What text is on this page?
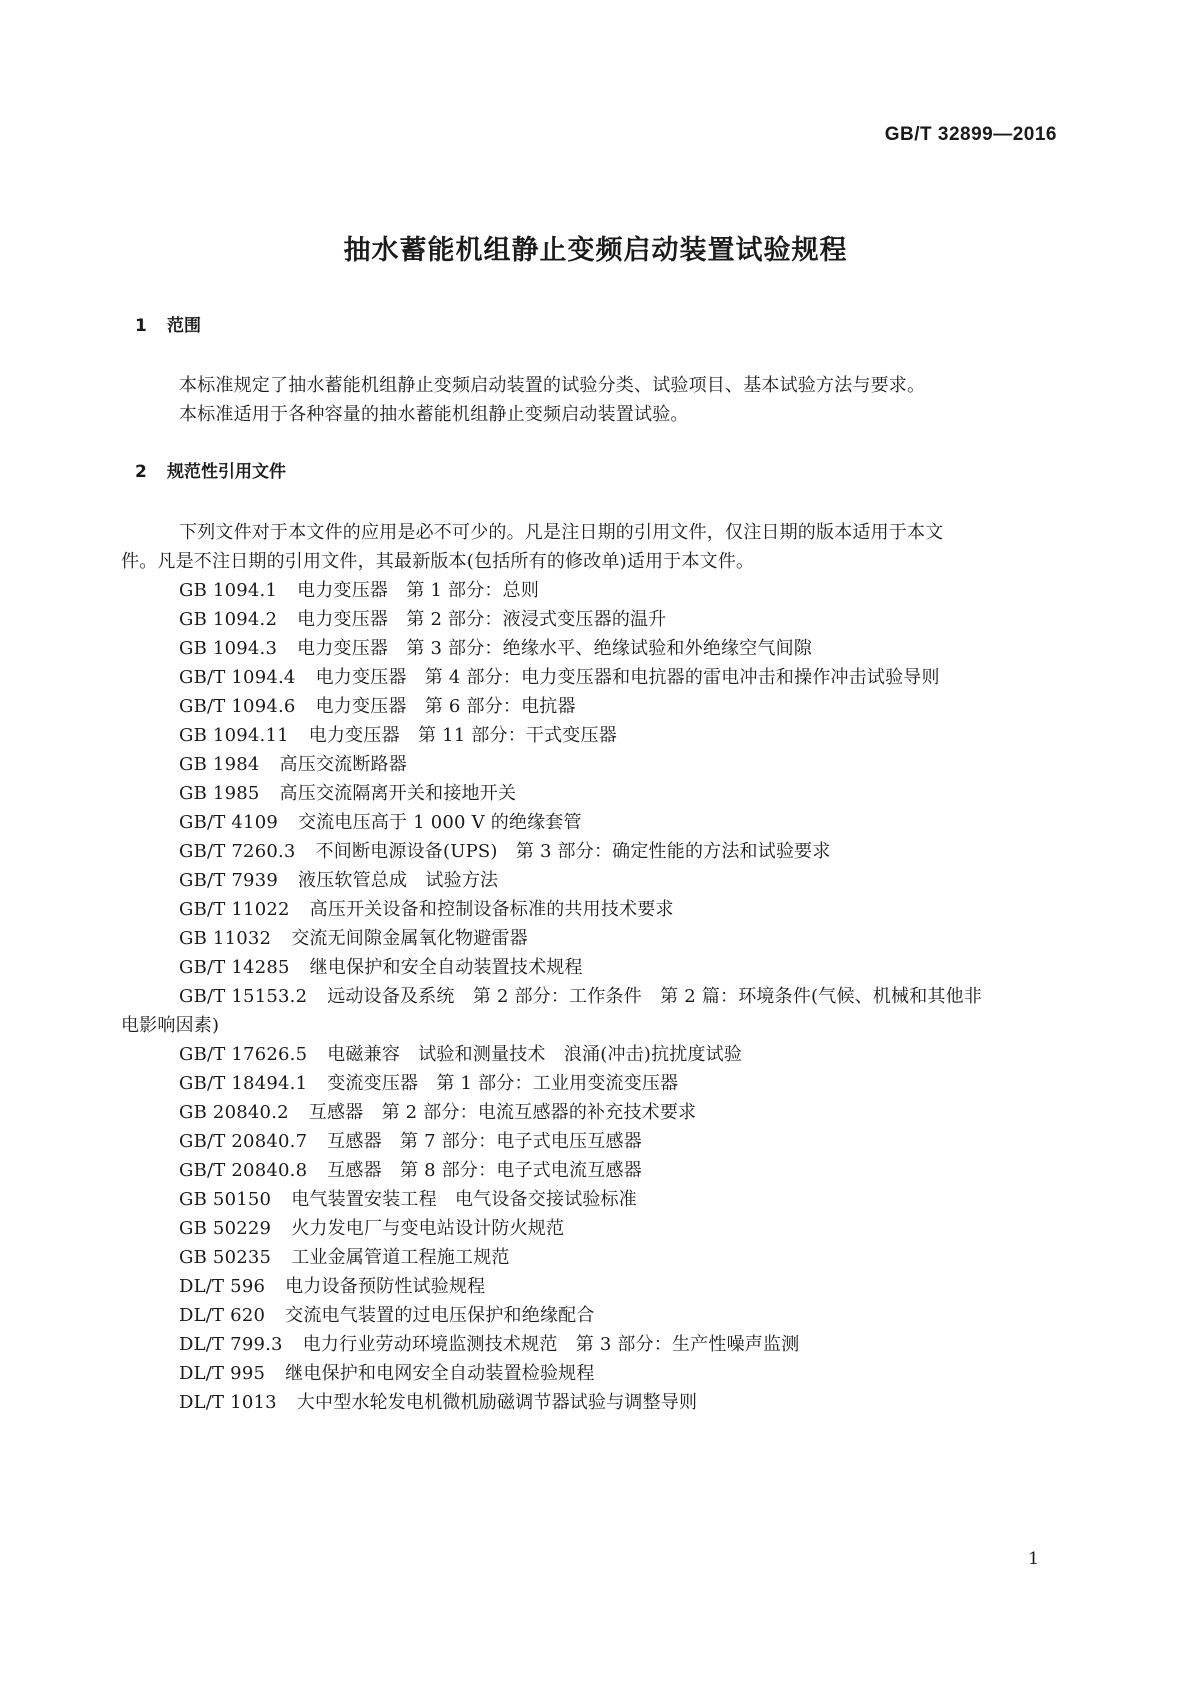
GB/T 32899—2016
抽水蓄能机组静止变频启动装置试验规程
1 范围
本标准规定了抽水蓄能机组静止变频启动装置的试验分类、试验项目、基本试验方法与要求。
本标准适用于各种容量的抽水蓄能机组静止变频启动装置试验。
2 规范性引用文件
下列文件对于本文件的应用是必不可少的。凡是注日期的引用文件，仅注日期的版本适用于本文
件。凡是不注日期的引用文件，其最新版本(包括所有的修改单)适用于本文件。
GB 1094.1 电力变压器　第 1 部分：总则
GB 1094.2 电力变压器　第 2 部分：液浸式变压器的温升
GB 1094.3 电力变压器　第 3 部分：绝缘水平、绝缘试验和外绝缘空气间隙
GB/T 1094.4 电力变压器　第 4 部分：电力变压器和电抗器的雷电冲击和操作冲击试验导则
GB/T 1094.6 电力变压器　第 6 部分：电抗器
GB 1094.11 电力变压器　第 11 部分：干式变压器
GB 1984 高压交流断路器
GB 1985 高压交流隔离开关和接地开关
GB/T 4109 交流电压高于 1 000 V 的绝缘套管
GB/T 7260.3 不间断电源设备(UPS)　第 3 部分：确定性能的方法和试验要求
GB/T 7939 液压软管总成　试验方法
GB/T 11022 高压开关设备和控制设备标准的共用技术要求
GB 11032 交流无间隙金属氧化物避雷器
GB/T 14285 继电保护和安全自动装置技术规程
GB/T 15153.2 远动设备及系统　第 2 部分：工作条件　第 2 篇：环境条件(气候、机械和其他非
电影响因素)
GB/T 17626.5 电磁兼容　试验和测量技术　浪涌(冲击)抗扰度试验
GB/T 18494.1 变流变压器　第 1 部分：工业用变流变压器
GB 20840.2 互感器　第 2 部分：电流互感器的补充技术要求
GB/T 20840.7 互感器　第 7 部分：电子式电压互感器
GB/T 20840.8 互感器　第 8 部分：电子式电流互感器
GB 50150 电气装置安装工程　电气设备交接试验标准
GB 50229 火力发电厂与变电站设计防火规范
GB 50235 工业金属管道工程施工规范
DL/T 596 电力设备预防性试验规程
DL/T 620 交流电气装置的过电压保护和绝缘配合
DL/T 799.3 电力行业劳动环境监测技术规范　第 3 部分：生产性噪声监测
DL/T 995 继电保护和电网安全自动装置检验规程
DL/T 1013 大中型水轮发电机微机励磁调节器试验与调整导则
1
